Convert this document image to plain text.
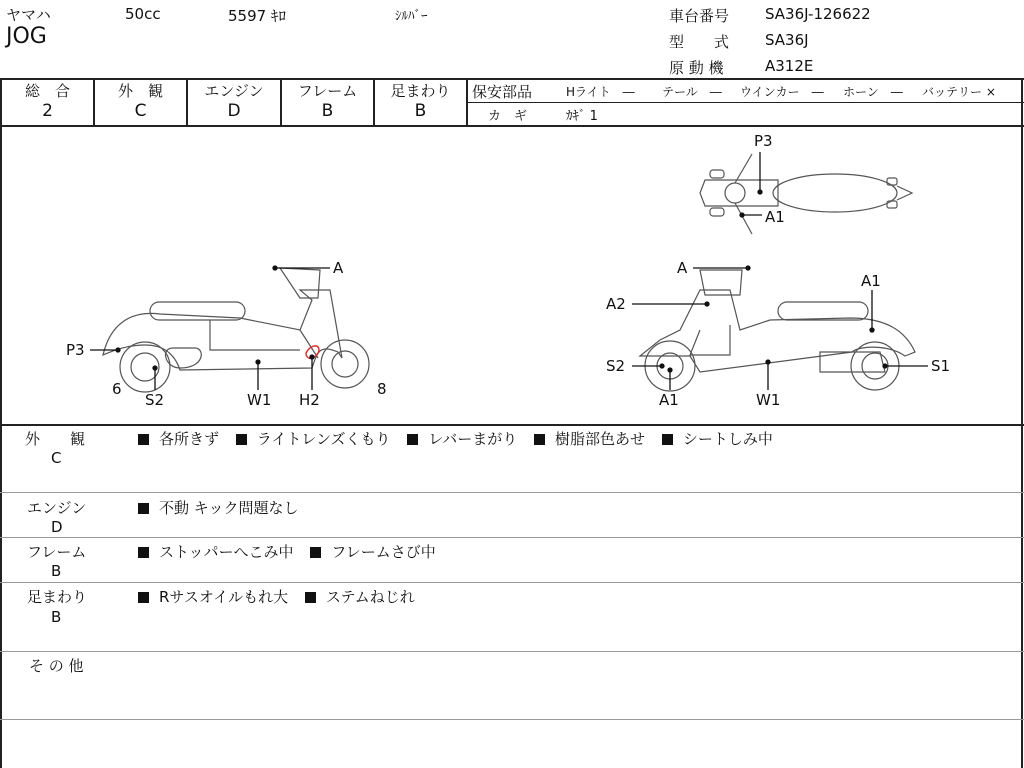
ヤマハ
JOG
50cc	5597 ｷﾛ	ｼﾙﾊﾞｰ	車台番号 SA36J-126622
型　　式 SA36J
原 動 機	A312E
総　合
2
外　観
C
エンジン
D
フレーム
B
足まわり
B
保安部品	Hライト　― テール　― ウインカー　― ホーン　― バッテリー ×
カ　ギ	ｶｷﾞ 1
P3
A1
A
P3
6
S2	W1 H2
8
A
A2
S2
A1	W1
A1
S1
外　　観
C
各所きず	ライトレンズくもり	レバーまがり	樹脂部色あせ	シートしみ中
エンジン
D
不動 キック問題なし
フレーム
B
ストッパーへこみ中	フレームさび中
足まわり
B
Rサスオイルもれ大	ステムねじれ
そ の 他
